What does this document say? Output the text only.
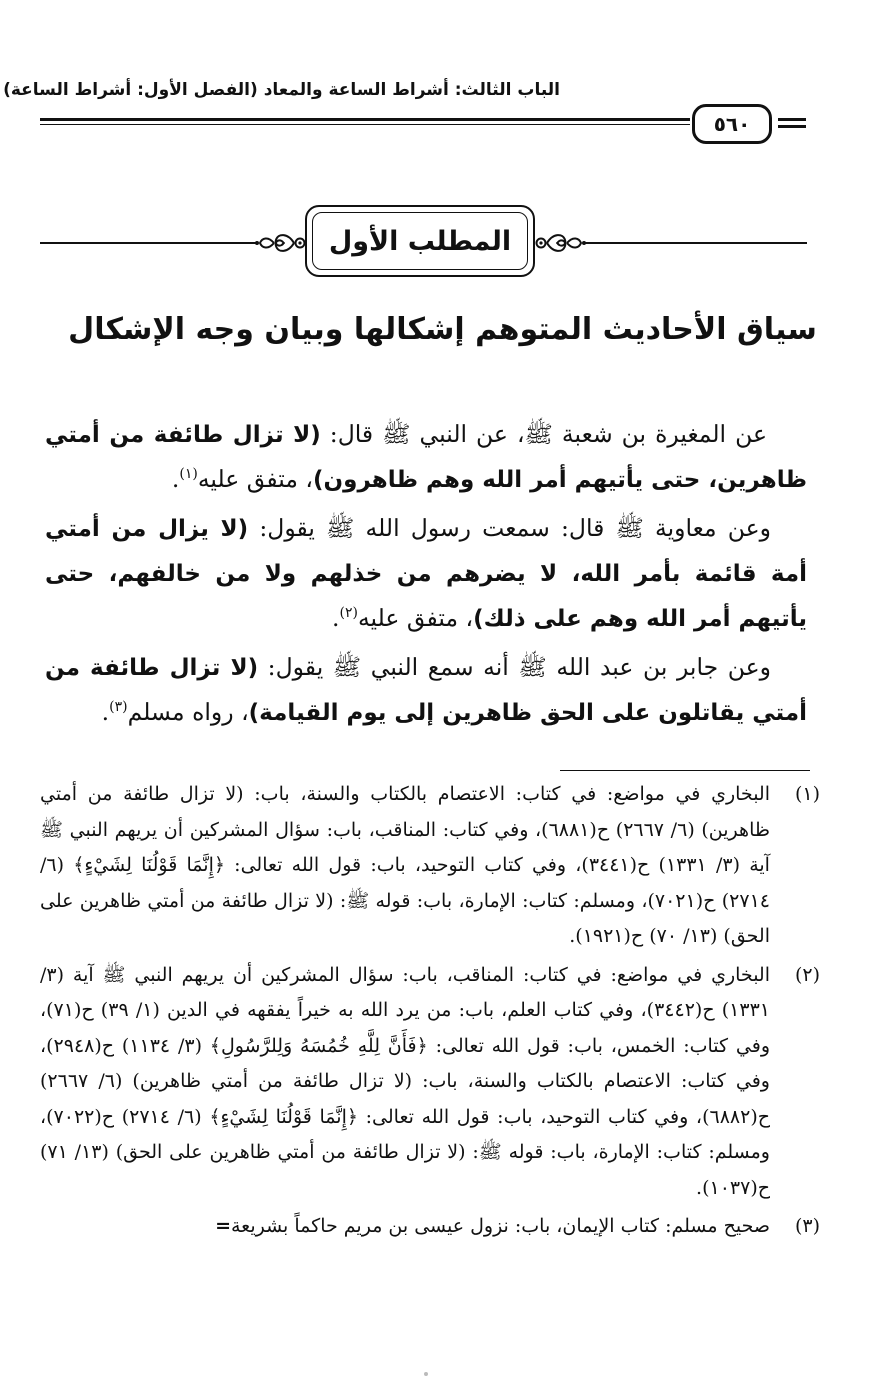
الباب الثالث: أشراط الساعة والمعاد (الفصل الأول: أشراط الساعة)
٥٦٠
المطلب الأول
سياق الأحاديث المتوهم إشكالها وبيان وجه الإشكال

عن المغيرة بن شعبة ﷺ، عن النبي ﷺ قال: (لا تزال طائفة من أمتي ظاهرين، حتى يأتيهم أمر الله وهم ظاهرون)، متفق عليه$^{(١)}$.

وعن معاوية ﷺ قال: سمعت رسول الله ﷺ يقول: (لا يزال من أمتي أمة قائمة بأمر الله، لا يضرهم من خذلهم ولا من خالفهم، حتى يأتيهم أمر الله وهم على ذلك)، متفق عليه$^{(٢)}$.

وعن جابر بن عبد الله ﷺ أنه سمع النبي ﷺ يقول: (لا تزال طائفة من أمتي يقاتلون على الحق ظاهرين إلى يوم القيامة)، رواه مسلم$^{(٣)}$.

(١)
البخاري في مواضع: في كتاب: الاعتصام بالكتاب والسنة، باب: (لا تزال طائفة من أمتي ظاهرين) (٦/ ٢٦٦٧) ح(٦٨٨١)، وفي كتاب: المناقب، باب: سؤال المشركين أن يريهم النبي ﷺ آية (٣/ ١٣٣١) ح(٣٤٤١)، وفي كتاب التوحيد، باب: قول الله تعالى: ﴿إِنَّمَا قَوْلُنَا لِشَيْءٍ﴾ (٦/ ٢٧١٤) ح(٧٠٢١)، ومسلم: كتاب: الإمارة، باب: قوله ﷺ: (لا تزال طائفة من أمتي ظاهرين على الحق) (١٣/ ٧٠) ح(١٩٢١).
(٢)
البخاري في مواضع: في كتاب: المناقب، باب: سؤال المشركين أن يريهم النبي ﷺ آية (٣/ ١٣٣١) ح(٣٤٤٢)، وفي كتاب العلم، باب: من يرد الله به خيراً يفقهه في الدين (١/ ٣٩) ح(٧١)، وفي كتاب: الخمس، باب: قول الله تعالى: ﴿فَأَنَّ لِلَّهِ خُمُسَهُ وَلِلرَّسُولِ﴾ (٣/ ١١٣٤) ح(٢٩٤٨)، وفي كتاب: الاعتصام بالكتاب والسنة، باب: (لا تزال طائفة من أمتي ظاهرين) (٦/ ٢٦٦٧) ح(٦٨٨٢)، وفي كتاب التوحيد، باب: قول الله تعالى: ﴿إِنَّمَا قَوْلُنَا لِشَيْءٍ﴾ (٦/ ٢٧١٤) ح(٧٠٢٢)، ومسلم: كتاب: الإمارة، باب: قوله ﷺ: (لا تزال طائفة من أمتي ظاهرين على الحق) (١٣/ ٧١) ح(١٠٣٧).
(٣)
صحيح مسلم: كتاب الإيمان، باب: نزول عيسى بن مريم حاكماً بشريعة=
